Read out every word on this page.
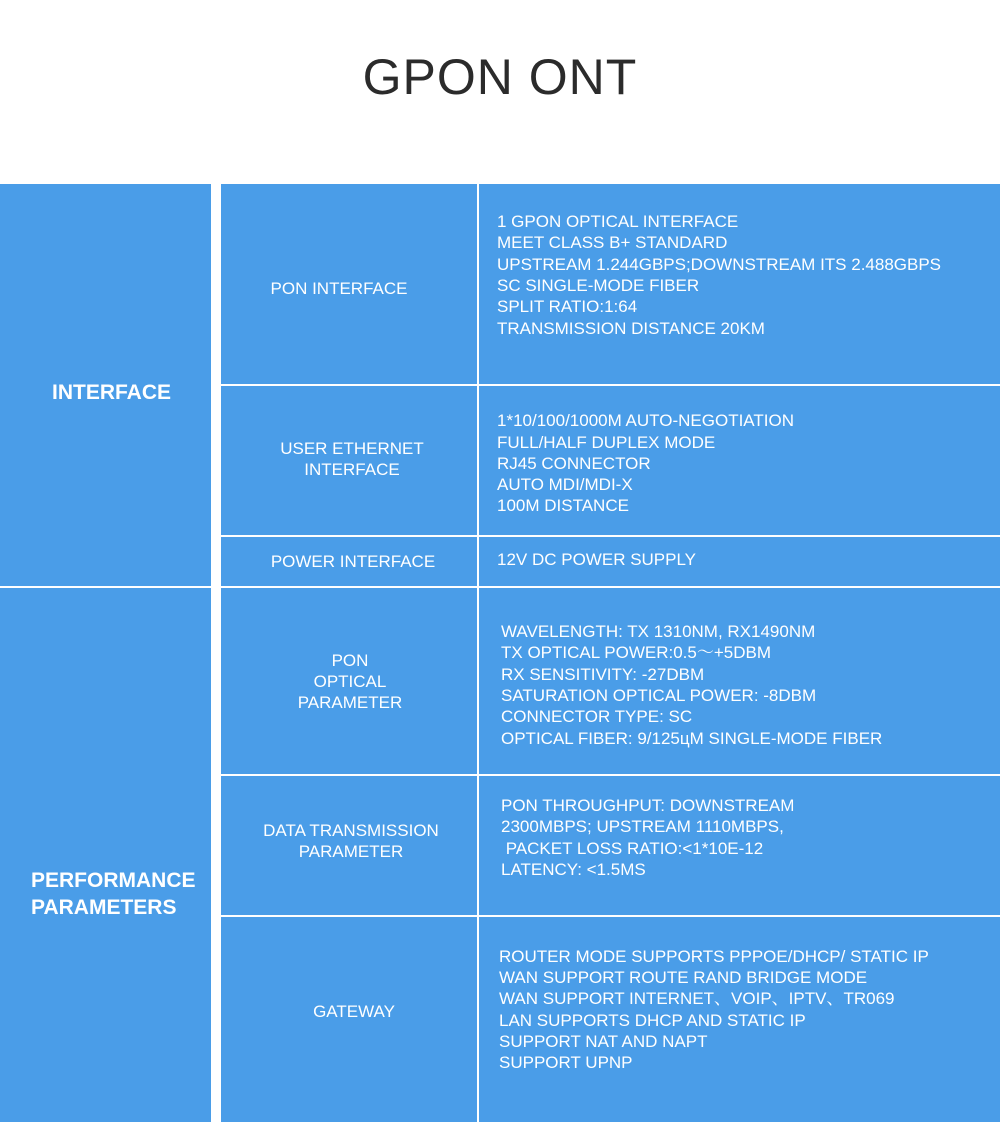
GPON ONT
INTERFACE
PERFORMANCE
PARAMETERS
PON INTERFACE
1 GPON OPTICAL INTERFACE
MEET CLASS B+ STANDARD
UPSTREAM 1.244GBPS;DOWNSTREAM ITS 2.488GBPS
SC SINGLE-MODE FIBER
SPLIT RATIO:1:64
TRANSMISSION DISTANCE 20KM
USER ETHERNET
INTERFACE
1*10/100/1000M AUTO-NEGOTIATION
FULL/HALF DUPLEX MODE
RJ45 CONNECTOR
AUTO MDI/MDI-X
100M DISTANCE
POWER INTERFACE	12V DC POWER SUPPLY
PON
OPTICAL
PARAMETER
WAVELENGTH: TX 1310NM, RX1490NM
TX OPTICAL POWER:0.5～+5DBM
RX SENSITIVITY: -27DBM
SATURATION OPTICAL POWER: -8DBM
CONNECTOR TYPE: SC
OPTICAL FIBER: 9/125цM SINGLE-MODE FIBER
DATA TRANSMISSION
PARAMETER
PON THROUGHPUT: DOWNSTREAM
2300MBPS; UPSTREAM 1110MBPS,
PACKET LOSS RATIO:<1*10E-12
LATENCY: <1.5MS
GATEWAY
ROUTER MODE SUPPORTS PPPOE/DHCP/ STATIC IP
WAN SUPPORT ROUTE RAND BRIDGE MODE
WAN SUPPORT INTERNET、VOIP、IPTV、TR069
LAN SUPPORTS DHCP AND STATIC IP
SUPPORT NAT AND NAPT
SUPPORT UPNP
